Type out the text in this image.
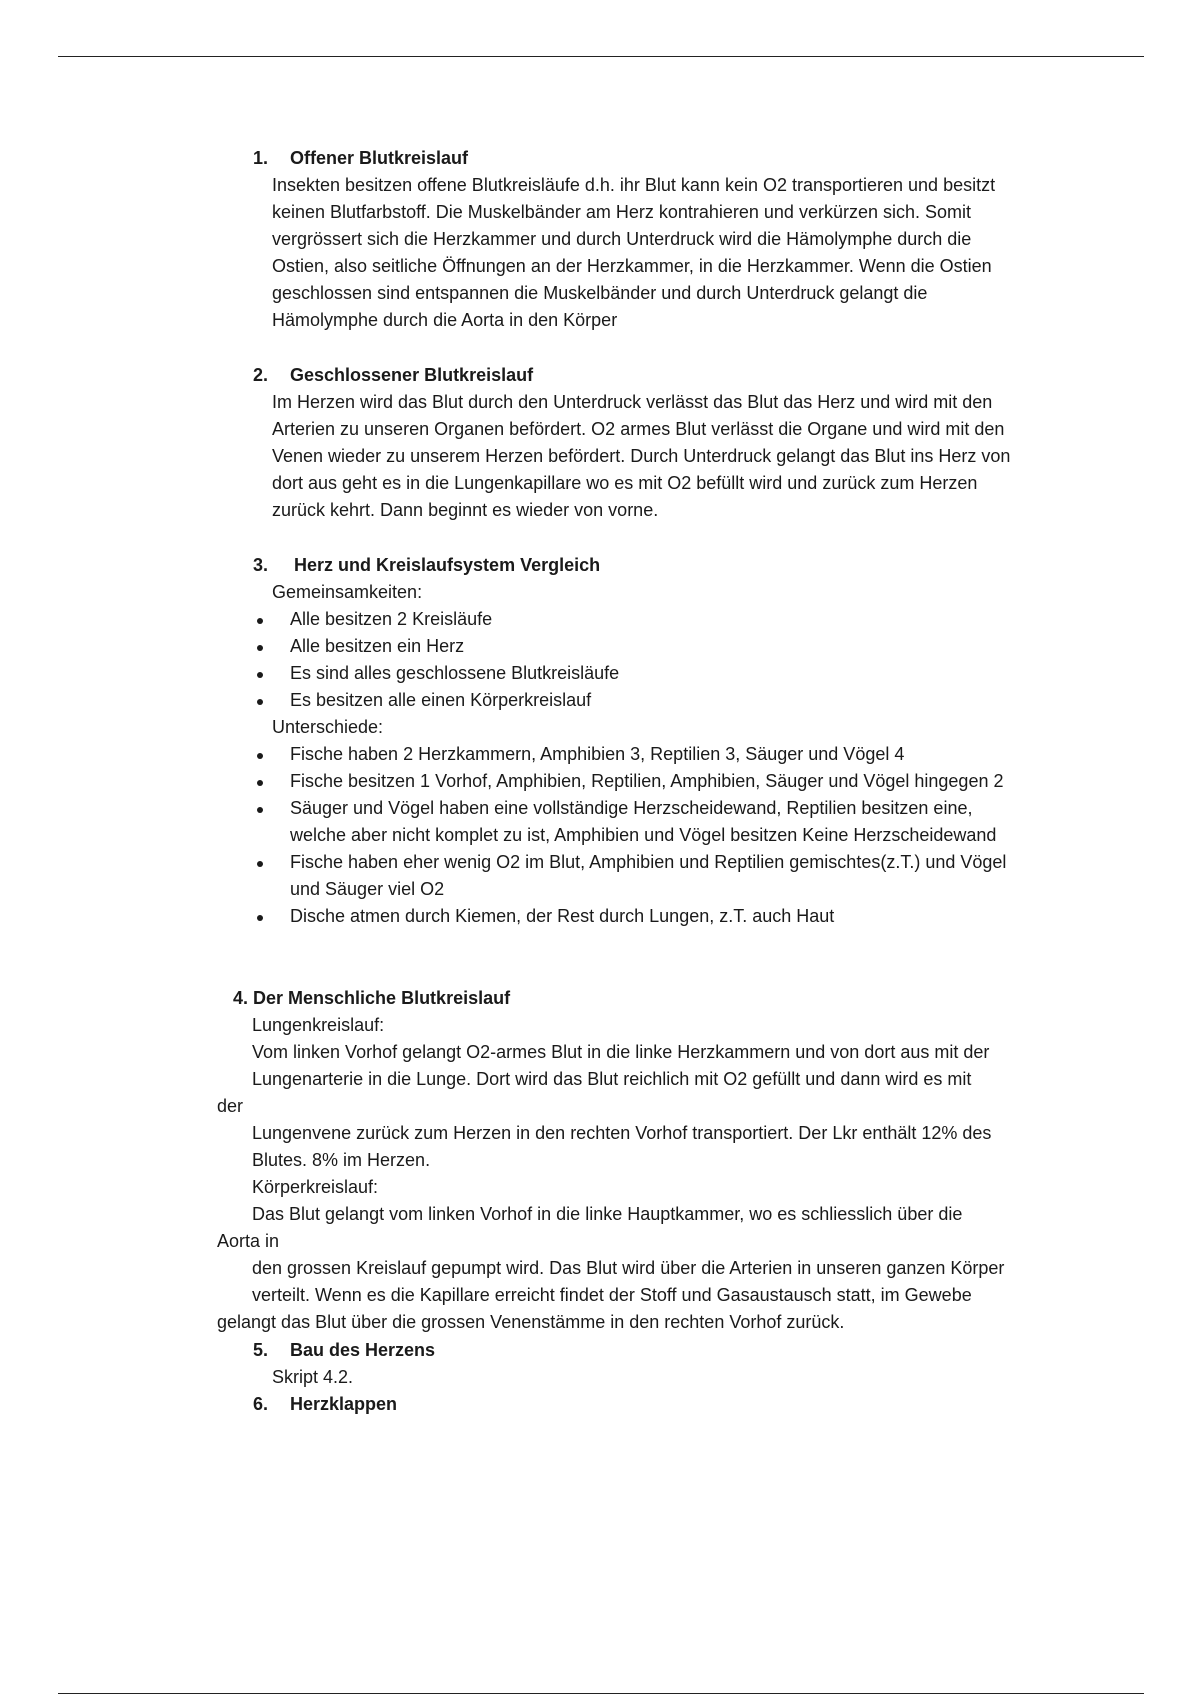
1. Offener Blutkreislauf
Insekten besitzen offene Blutkreisläufe d.h. ihr Blut kann kein O2 transportieren und besitzt
keinen Blutfarbstoff. Die Muskelbänder am Herz kontrahieren und verkürzen sich. Somit
vergrössert sich die Herzkammer und durch Unterdruck wird die Hämolymphe durch die
Ostien, also seitliche Öffnungen an der Herzkammer, in die Herzkammer. Wenn die Ostien
geschlossen sind entspannen die Muskelbänder und durch Unterdruck gelangt die
Hämolymphe durch die Aorta in den Körper
2. Geschlossener Blutkreislauf
Im Herzen wird das Blut durch den Unterdruck verlässt das Blut das Herz und wird mit den
Arterien zu unseren Organen befördert. O2 armes Blut verlässt die Organe und wird mit den
Venen wieder zu unserem Herzen befördert. Durch Unterdruck gelangt das Blut ins Herz von
dort aus geht es in die Lungenkapillare wo es mit O2 befüllt wird und zurück zum Herzen
zurück kehrt. Dann beginnt es wieder von vorne.
3. Herz und Kreislaufsystem Vergleich
Gemeinsamkeiten:
Alle besitzen 2 Kreisläufe
Alle besitzen ein Herz
Es sind alles geschlossene Blutkreisläufe
Es besitzen alle einen Körperkreislauf
Unterschiede:
Fische haben 2 Herzkammern, Amphibien 3, Reptilien 3, Säuger und Vögel 4
Fische besitzen 1 Vorhof, Amphibien, Reptilien, Amphibien, Säuger und Vögel hingegen 2
Säuger und Vögel haben eine vollständige Herzscheidewand, Reptilien besitzen eine,
welche aber nicht komplet zu ist, Amphibien und Vögel besitzen Keine Herzscheidewand
Fische haben eher wenig O2 im Blut, Amphibien und Reptilien gemischtes(z.T.) und Vögel
und Säuger viel O2
Dische atmen durch Kiemen, der Rest durch Lungen, z.T. auch Haut
4. Der Menschliche Blutkreislauf
Lungenkreislauf:
Vom linken Vorhof gelangt O2-armes Blut in die linke Herzkammern und von dort aus mit der
Lungenarterie in die Lunge. Dort wird das Blut reichlich mit O2 gefüllt und dann wird es mit
der
Lungenvene zurück zum Herzen in den rechten Vorhof transportiert. Der Lkr enthält 12% des
Blutes. 8% im Herzen.
Körperkreislauf:
Das Blut gelangt vom linken Vorhof in die linke Hauptkammer, wo es schliesslich über die
Aorta in
den grossen Kreislauf gepumpt wird. Das Blut wird über die Arterien in unseren ganzen Körper
verteilt. Wenn es die Kapillare erreicht findet der Stoff und Gasaustausch statt, im Gewebe
gelangt das Blut über die grossen Venenstämme in den rechten Vorhof zurück.
5. Bau des Herzens
Skript 4.2.
6. Herzklappen
